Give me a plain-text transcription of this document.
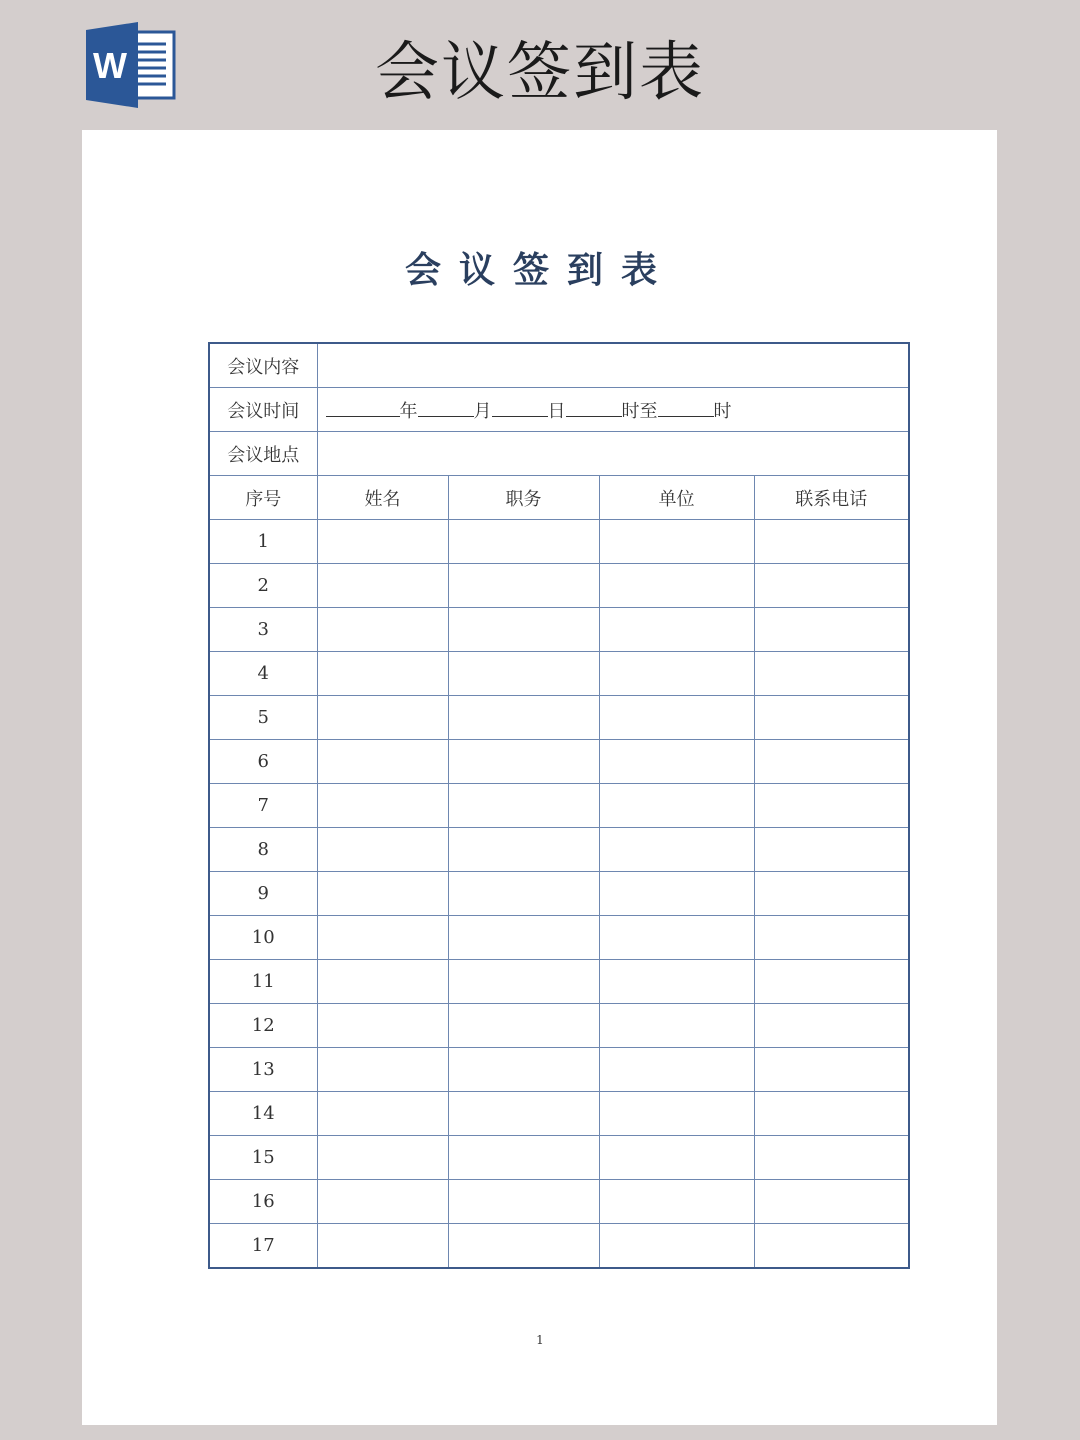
W	会议签到表
会议签到表
会议内容				
会议时间	年 月 日 时至 时			
会议地点				
序号	姓名	职务	单位	联系电话
1				
2				
3				
4				
5				
6				
7				
8				
9				
10				
11				
12				
13				
14				
15				
16				
17				
1
